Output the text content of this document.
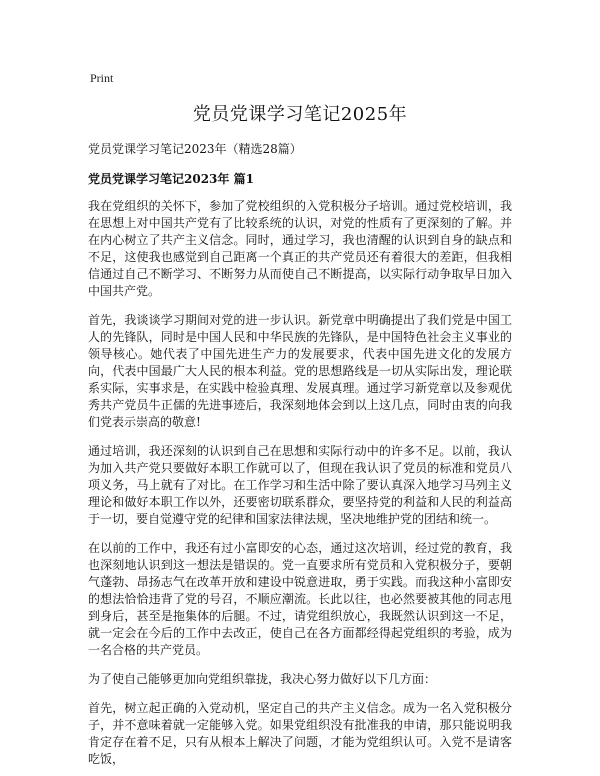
Print
党员党课学习笔记2025年
党员党课学习笔记2023年（精选28篇）
党员党课学习笔记2023年 篇1

我在党组织的关怀下，参加了党校组织的入党积极分子培训。通过党校培训，我在思想上对中国共产党有了比较系统的认识，对党的性质有了更深刻的了解。并在内心树立了共产主义信念。同时，通过学习，我也清醒的认识到自身的缺点和不足，这使我也感觉到自己距离一个真正的共产党员还有着很大的差距，但我相信通过自己不断学习、不断努力从而使自己不断提高，以实际行动争取早日加入中国共产党。

首先，我谈谈学习期间对党的进一步认识。新党章中明确提出了我们党是中国工人的先锋队，同时是中国人民和中华民族的先锋队，是中国特色社会主义事业的领导核心。她代表了中国先进生产力的发展要求，代表中国先进文化的发展方向，代表中国最广大人民的根本利益。党的思想路线是一切从实际出发，理论联系实际，实事求是，在实践中检验真理、发展真理。通过学习新党章以及参观优秀共产党员牛正儒的先进事迹后，我深刻地体会到以上这几点，同时由衷的向我们党表示崇高的敬意!

通过培训，我还深刻的认识到自己在思想和实际行动中的许多不足。以前，我认为加入共产党只要做好本职工作就可以了，但现在我认识了党员的标准和党员八项义务，马上就有了对比。在工作学习和生活中除了要认真深入地学习马列主义理论和做好本职工作以外，还要密切联系群众，要坚持党的利益和人民的利益高于一切，要自觉遵守党的纪律和国家法律法规，坚决地维护党的团结和统一。

在以前的工作中，我还有过小富即安的心态，通过这次培训，经过党的教育，我也深刻地认识到这一想法是错误的。党一直要求所有党员和入党积极分子，要朝气蓬勃、昂扬志气在改革开放和建设中锐意进取，勇于实践。而我这种小富即安的想法恰恰违背了党的号召，不顺应潮流。长此以往，也必然要被其他的同志甩到身后，甚至是拖集体的后腿。不过，请党组织放心，我既然认识到这一不足，就一定会在今后的工作中去改正，使自己在各方面都经得起党组织的考验，成为一名合格的共产党员。

为了使自己能够更加向党组织靠拢，我决心努力做好以下几方面：

首先，树立起正确的入党动机，坚定自己的共产主义信念。成为一名入党积极分子，并不意味着就一定能够入党。如果党组织没有批准我的申请，那只能说明我肯定存在着不足，只有从根本上解决了问题，才能为党组织认可。入党不是请客吃饭，
